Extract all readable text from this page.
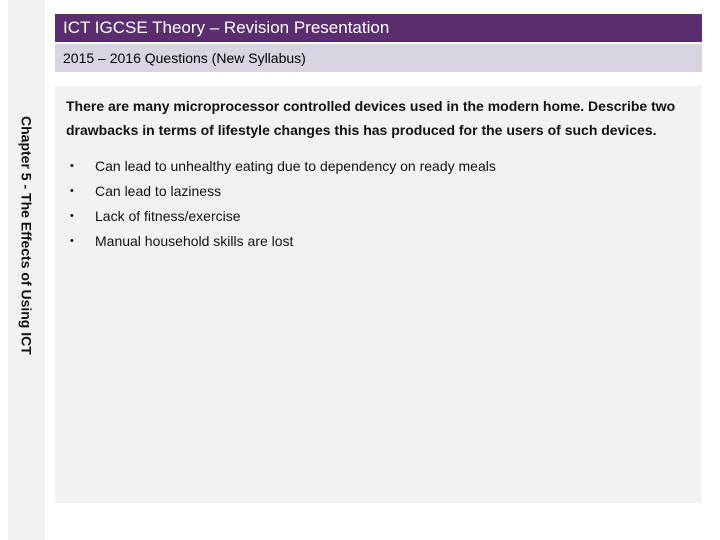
Chapter 5 - The Effects of Using ICT
ICT IGCSE Theory – Revision Presentation
2015 – 2016 Questions (New Syllabus)

There are many microprocessor controlled devices used in the modern home. Describe two drawbacks in terms of lifestyle changes this has produced for the users of such devices.

•	Can lead to unhealthy eating due to dependency on ready meals
•	Can lead to laziness
•	Lack of fitness/exercise
•	Manual household skills are lost
